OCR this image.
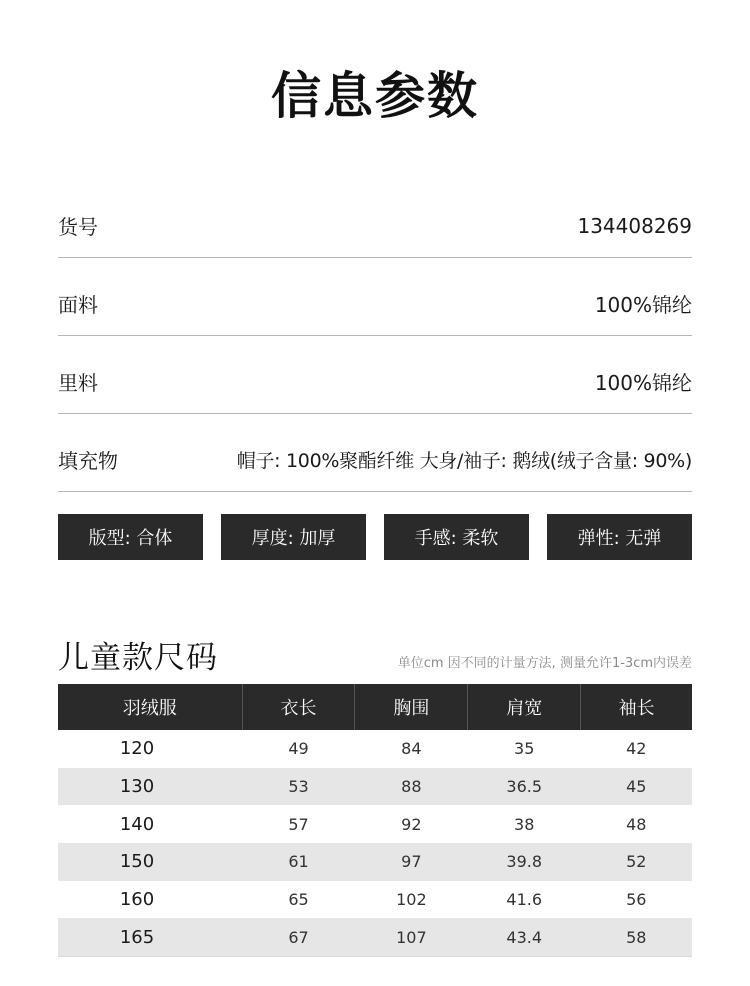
信息参数
货号	134408269
面料	100%锦纶
里料	100%锦纶
填充物	帽子: 100%聚酯纤维 大身/袖子: 鹅绒(绒子含量: 90%)
版型: 合体	厚度: 加厚	手感: 柔软	弹性: 无弹
儿童款尺码	单位cm 因不同的计量方法, 测量允许1-3cm内误差
羽绒服	衣长	胸围	肩宽	袖长
120	49	84	35	42
130	53	88	36.5	45
140	57	92	38	48
150	61	97	39.8	52
160	65	102	41.6	56
165	67	107	43.4	58
